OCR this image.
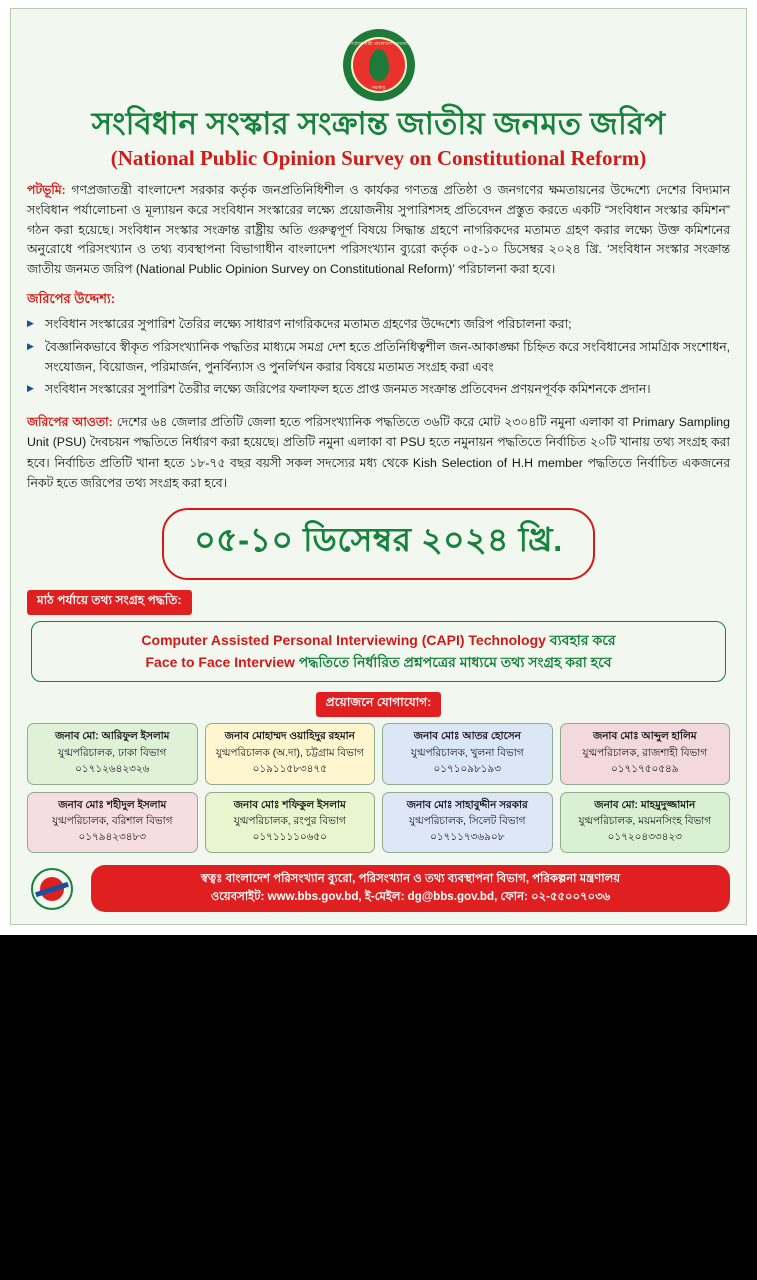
গণপ্রজাতন্ত্রী বাংলাদেশ সরকার
সরকার
সংবিধান সংস্কার সংক্রান্ত জাতীয় জনমত জরিপ
(National Public Opinion Survey on Constitutional Reform)

পটভূমি: গণপ্রজাতন্ত্রী বাংলাদেশ সরকার কর্তৃক জনপ্রতিনিধিশীল ও কার্যকর গণতন্ত্র প্রতিষ্ঠা ও জনগণের ক্ষমতায়নের উদ্দেশ্যে দেশের বিদ্যমান সংবিধান পর্যালোচনা ও মূল্যায়ন করে সংবিধান সংস্কারের লক্ষ্যে প্রয়োজনীয় সুপারিশসহ প্রতিবেদন প্রস্তুত করতে একটি “সংবিধান সংস্কার কমিশন” গঠন করা হয়েছে। সংবিধান সংস্কার সংক্রান্ত রাষ্ট্রীয় অতি গুরুত্বপূর্ণ বিষয়ে সিদ্ধান্ত গ্রহণে নাগরিকদের মতামত গ্রহণ করার লক্ষ্যে উক্ত কমিশনের অনুরোধে পরিসংখ্যান ও তথ্য ব্যবস্থাপনা বিভাগাধীন বাংলাদেশ পরিসংখ্যান ব্যুরো কর্তৃক ০৫-১০ ডিসেম্বর ২০২৪ খ্রি. ‘সংবিধান সংস্কার সংক্রান্ত জাতীয় জনমত জরিপ (National Public Opinion Survey on Constitutional Reform)’ পরিচালনা করা হবে।

জরিপের উদ্দেশ্য:
▶ সংবিধান সংস্কারের সুপারিশ তৈরির লক্ষ্যে সাধারণ নাগরিকদের মতামত গ্রহণের উদ্দেশ্যে জরিপ পরিচালনা করা;
▶ বৈজ্ঞানিকভাবে স্বীকৃত পরিসংখ্যানিক পদ্ধতির মাধ্যমে সমগ্র দেশ হতে প্রতিনিধিত্বশীল জন-আকাঙ্ক্ষা চিহ্নিত করে সংবিধানের সামগ্রিক সংশোধন, সংযোজন, বিয়োজন, পরিমার্জন, পুনর্বিন্যাস ও পুনর্লিখন করার বিষয়ে মতামত সংগ্রহ করা এবং
▶ সংবিধান সংস্কারের সুপারিশ তৈরীর লক্ষ্যে জরিপের ফলাফল হতে প্রাপ্ত জনমত সংক্রান্ত প্রতিবেদন প্রণয়নপূর্বক কমিশনকে প্রদান।

জরিপের আওতা: দেশের ৬৪ জেলার প্রতিটি জেলা হতে পরিসংখ্যানিক পদ্ধতিতে ৩৬টি করে মোট ২৩০৪টি নমুনা এলাকা বা Primary Sampling Unit (PSU) দৈবচয়ন পদ্ধতিতে নির্ধারণ করা হয়েছে। প্রতিটি নমুনা এলাকা বা PSU হতে নমুনায়ন পদ্ধতিতে নির্বাচিত ২০টি খানায় তথ্য সংগ্রহ করা হবে। নির্বাচিত প্রতিটি খানা হতে ১৮-৭৫ বছর বয়সী সকল সদস্যের মধ্য থেকে Kish Selection of H.H member পদ্ধতিতে নির্বাচিত একজনের নিকট হতে জরিপের তথ্য সংগ্রহ করা হবে।

০৫-১০ ডিসেম্বর ২০২৪ খ্রি.
মাঠ পর্যায়ে তথ্য সংগ্রহ পদ্ধতি:
Computer Assisted Personal Interviewing (CAPI) Technology ব্যবহার করে
Face to Face Interview পদ্ধতিতে নির্ধারিত প্রশ্নপত্রের মাধ্যমে তথ্য সংগ্রহ করা হবে
প্রয়োজনে যোগাযোগ:
জনাব মো: আরিফুল ইসলাম
যুগ্মপরিচালক, ঢাকা বিভাগ
০১৭১২৬৪২৩২৬
জনাব মোহাম্মদ ওয়াহিদুর রহমান
যুগ্মপরিচালক (অ.দা), চট্টগ্রাম বিভাগ
০১৯১১৫৮৩৪৭৫
জনাব মোঃ আতর হোসেন
যুগ্মপরিচালক, খুলনা বিভাগ
০১৭১০৯৮১৯৩
জনাব মোঃ আব্দুল হালিম
যুগ্মপরিচালক, রাজশাহী বিভাগ
০১৭১৭৫০৫৪৯
জনাব মোঃ শহীদুল ইসলাম
যুগ্মপরিচালক, বরিশাল বিভাগ
০১৭৯৪২৩৪৮৩
জনাব মোঃ শফিকুল ইসলাম
যুগ্মপরিচালক, রংপুর বিভাগ
০১৭১১১১০৬৫০
জনাব মোঃ সাহাবুদ্দীন সরকার
যুগ্মপরিচালক, সিলেট বিভাগ
০১৭১১৭৩৬৯০৮
জনাব মো: মাহমুদুজ্জামান
যুগ্মপরিচালক, ময়মনসিংহ বিভাগ
০১৭২০৪৩৩৪২৩
স্বত্বঃ বাংলাদেশ পরিসংখ্যান ব্যুরো, পরিসংখ্যান ও তথ্য ব্যবস্থাপনা বিভাগ, পরিকল্পনা মন্ত্রণালয়
ওয়েবসাইট: www.bbs.gov.bd, ই-মেইল: dg@bbs.gov.bd, ফোন: ০২-৫৫০০৭০৩৬
